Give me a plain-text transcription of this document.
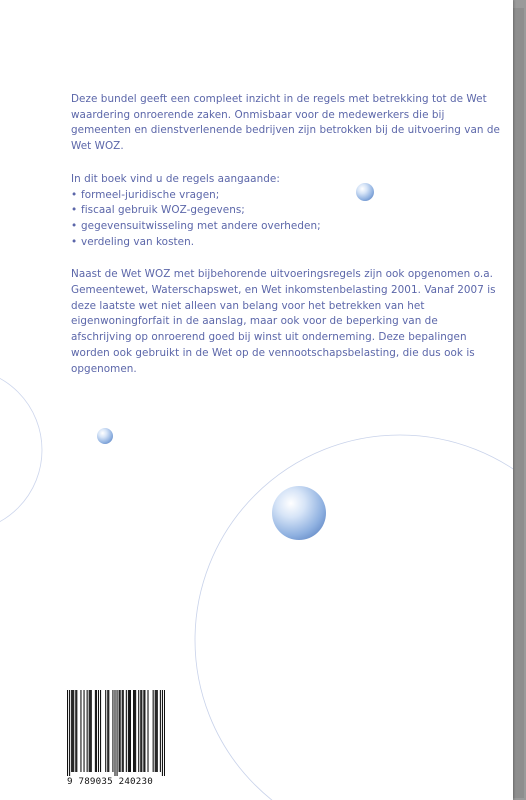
Deze bundel geeft een compleet inzicht in de regels met betrekking tot de Wet waardering onroerende zaken. Onmisbaar voor de medewerkers die bij gemeenten en dienstverlenende bedrijven zijn betrokken bij de uitvoering van de Wet WOZ.

In dit boek vind u de regels aangaande:

• formeel-juridische vragen;
• fiscaal gebruik WOZ-gegevens;
• gegevensuitwisseling met andere overheden;
• verdeling van kosten.

Naast de Wet WOZ met bijbehorende uitvoeringsregels zijn ook opgenomen o.a. Gemeentewet, Waterschapswet, en Wet inkomstenbelasting 2001. Vanaf 2007 is deze laatste wet niet alleen van belang voor het betrekken van het eigenwoningforfait in de aanslag, maar ook voor de beperking van de afschrijving op onroerend goed bij winst uit onderneming. Deze bepalingen worden ook gebruikt in de Wet op de vennootschapsbelasting, die dus ook is opgenomen.

9 789035 240230
